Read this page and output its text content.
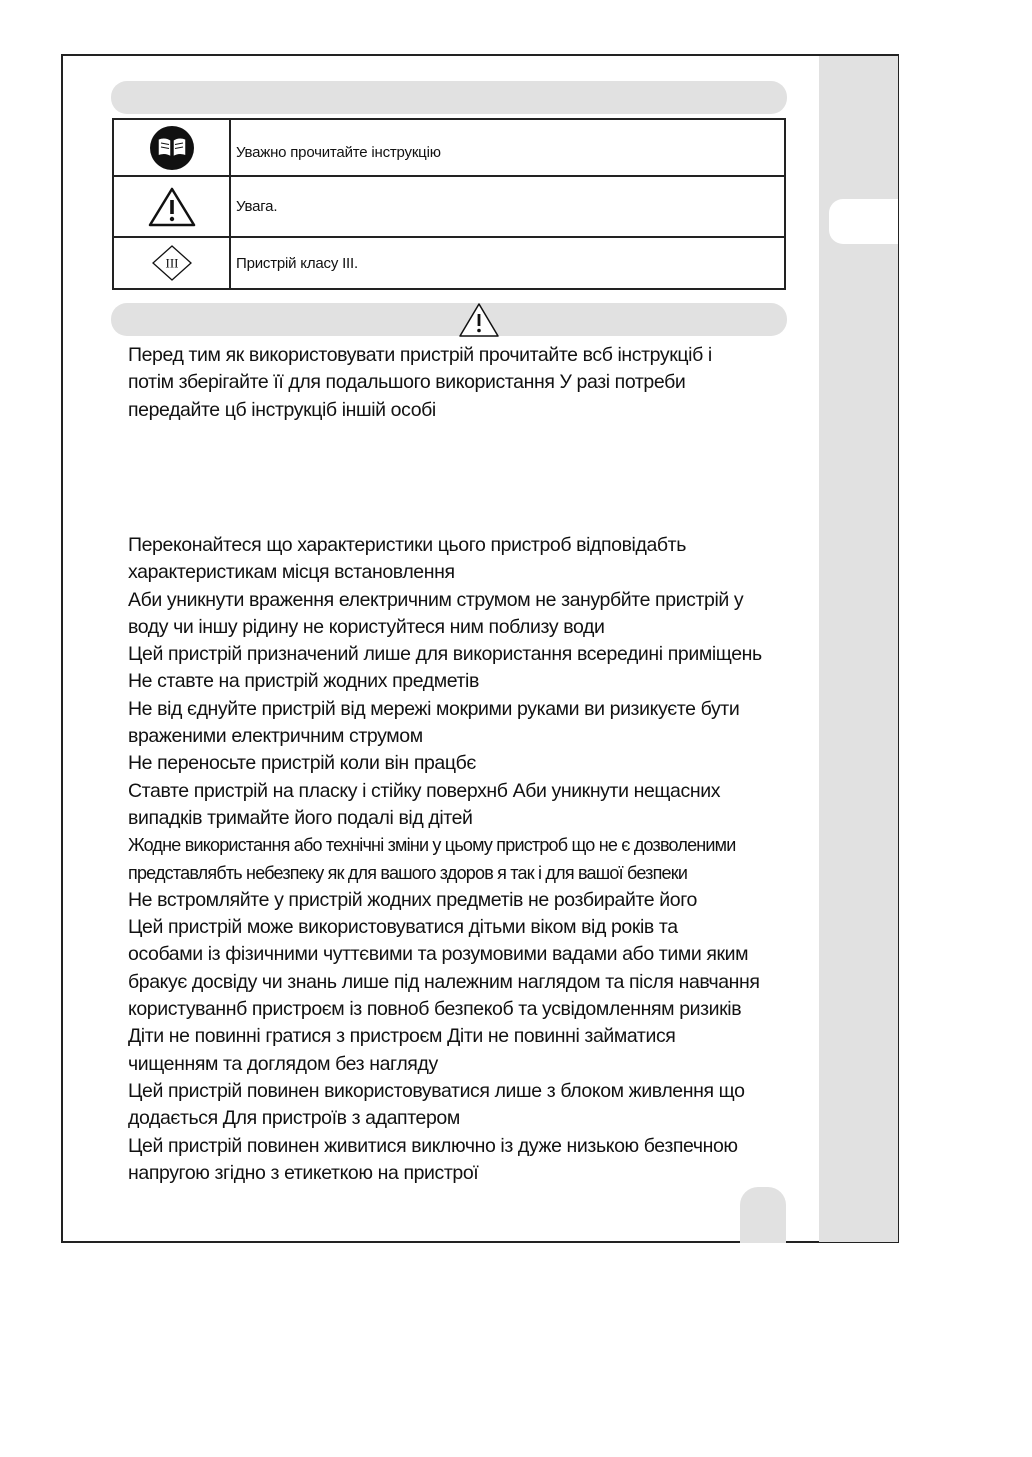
	Уважно прочитайте інструкцію

	Увага.

III	Пристрій класу III.
Перед тим як використовувати пристрій прочитайте всб інструкціб і
потім зберігайте її для подальшого використання У разі потреби
передайте цб інструкціб іншій особі
Переконайтеся що характеристики цього пристроб відповідабть
характеристикам місця встановлення
Аби уникнути враження електричним струмом не занурбйте пристрій у
воду чи іншу рідину не користуйтеся ним поблизу води
Цей пристрій призначений лише для використання всередині приміщень
Не ставте на пристрій жодних предметів
Не від єднуйте пристрій від мережі мокрими руками ви ризикуєте бути
враженими електричним струмом
Не переносьте пристрій коли він працбє
Ставте пристрій на пласку і стійку поверхнб Аби уникнути нещасних
випадків тримайте його подалі від дітей
Жодне використання або технічні зміни у цьому пристроб що не є дозволеними
представлябть небезпеку як для вашого здоров я так і для вашої безпеки
Не встромляйте у пристрій жодних предметів не розбирайте його
Цей пристрій може використовуватися дітьми віком від років та
особами із фізичними чуттєвими та розумовими вадами або тими яким
бракує досвіду чи знань лише під належним наглядом та після навчання
користуваннб пристроєм із повноб безпекоб та усвідомленням ризиків
Діти не повинні гратися з пристроєм Діти не повинні займатися
чищенням та доглядом без нагляду
Цей пристрій повинен використовуватися лише з блоком живлення що
додається Для пристроїв з адаптером
Цей пристрій повинен живитися виключно із дуже низькою безпечною
напругою згідно з етикеткою на пристрої
